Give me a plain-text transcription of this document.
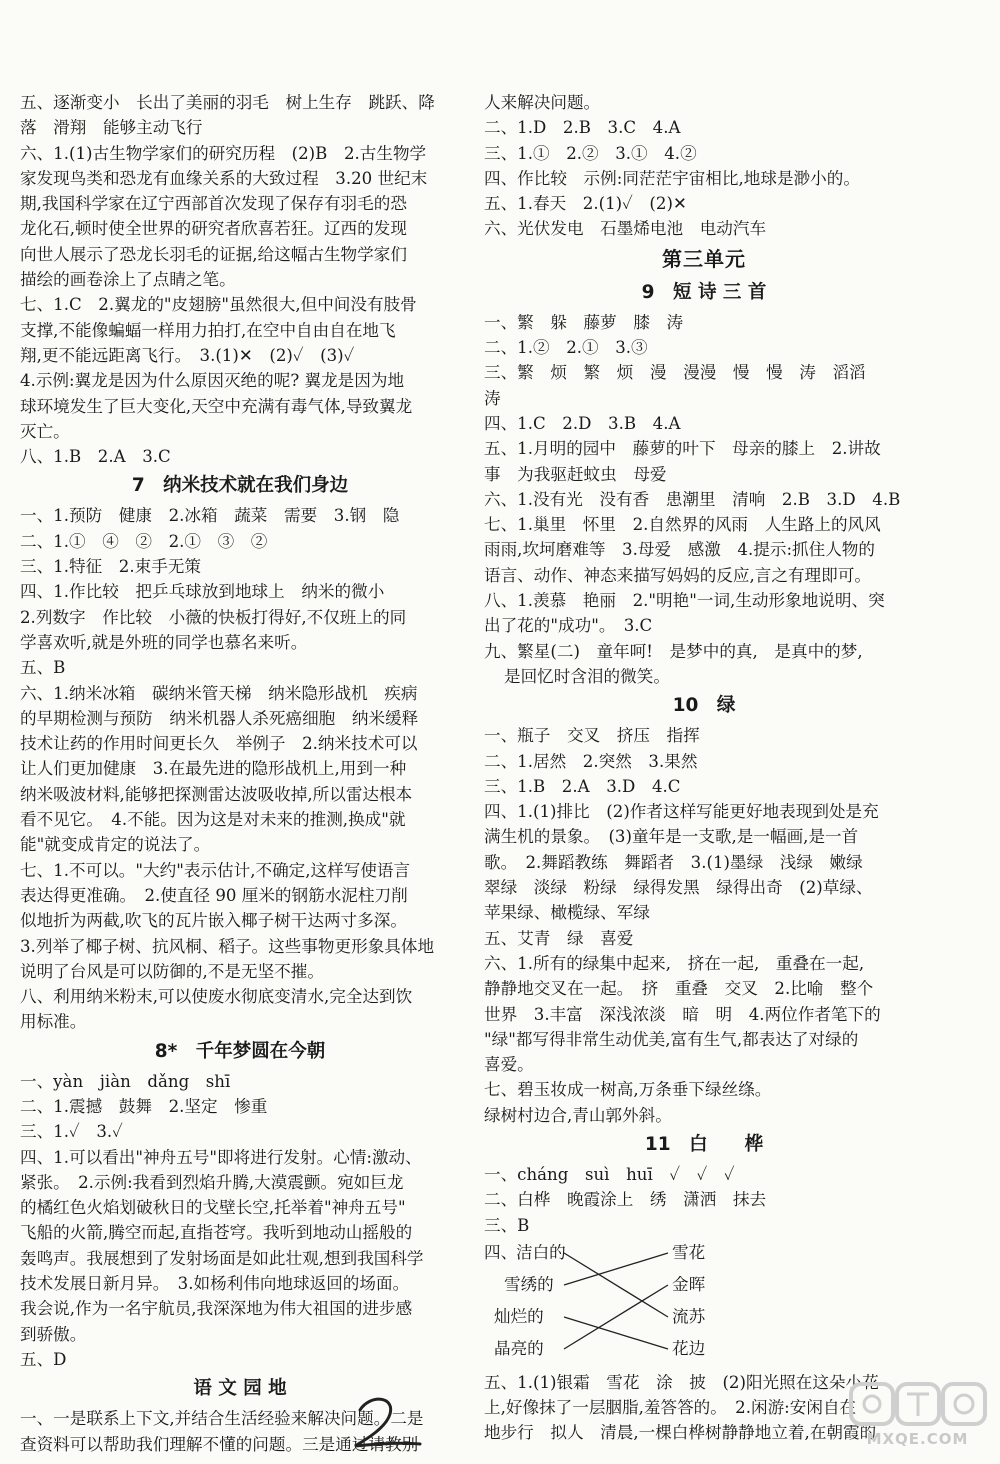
五、逐渐变小　长出了美丽的羽毛　树上生存　跳跃、降
落　滑翔　能够主动飞行
六、1.(1)古生物学家们的研究历程　(2)B　2.古生物学
家发现鸟类和恐龙有血缘关系的大致过程　3.20 世纪末
期,我国科学家在辽宁西部首次发现了保存有羽毛的恐
龙化石,顿时使全世界的研究者欣喜若狂。辽西的发现
向世人展示了恐龙长羽毛的证据,给这幅古生物学家们
描绘的画卷涂上了点睛之笔。
七、1.C　2.翼龙的"皮翅膀"虽然很大,但中间没有肢骨
支撑,不能像蝙蝠一样用力拍打,在空中自由自在地飞
翔,更不能远距离飞行。　3.(1)✕　(2)✓　(3)✓
4.示例:翼龙是因为什么原因灭绝的呢? 翼龙是因为地
球环境发生了巨大变化,天空中充满有毒气体,导致翼龙
灭亡。
八、1.B　2.A　3.C
7　纳米技术就在我们身边
一、1.预防　健康　2.冰箱　蔬菜　需要　3.钢　隐
二、1.①　④　②　2.①　③　②
三、1.特征　2.束手无策
四、1.作比较　把乒乓球放到地球上　纳米的微小
2.列数字　作比较　小薇的快板打得好,不仅班上的同
学喜欢听,就是外班的同学也慕名来听。
五、B
六、1.纳米冰箱　碳纳米管天梯　纳米隐形战机　疾病
的早期检测与预防　纳米机器人杀死癌细胞　纳米缓释
技术让药的作用时间更长久　举例子　2.纳米技术可以
让人们更加健康　3.在最先进的隐形战机上,用到一种
纳米吸波材料,能够把探测雷达波吸收掉,所以雷达根本
看不见它。　4.不能。因为这是对未来的推测,换成"就
能"就变成肯定的说法了。
七、1.不可以。"大约"表示估计,不确定,这样写使语言
表达得更准确。　2.使直径 90 厘米的钢筋水泥柱刀削
似地折为两截,吹飞的瓦片嵌入椰子树干达两寸多深。
3.列举了椰子树、抗风桐、稻子。这些事物更形象具体地
说明了台风是可以防御的,不是无坚不摧。
八、利用纳米粉末,可以使废水彻底变清水,完全达到饮
用标准。
8*　千年梦圆在今朝
一、yàn　jiàn　dǎng　shī
二、1.震撼　鼓舞　2.坚定　惨重
三、1.✓　3.✓
四、1.可以看出"神舟五号"即将进行发射。心情:激动、
紧张。　2.示例:我看到烈焰升腾,大漠震颤。宛如巨龙
的橘红色火焰划破秋日的戈壁长空,托举着"神舟五号"
飞船的火箭,腾空而起,直指苍穹。我听到地动山摇般的
轰鸣声。我展想到了发射场面是如此壮观,想到我国科学
技术发展日新月异。　3.如杨利伟向地球返回的场面。
我会说,作为一名宇航员,我深深地为伟大祖国的进步感
到骄傲。
五、D
语 文 园 地
一、一是联系上下文,并结合生活经验来解决问题。二是
查资料可以帮助我们理解不懂的问题。三是通过请教别
人来解决问题。
二、1.D　2.B　3.C　4.A
三、1.①　2.②　3.①　4.②
四、作比较　示例:同茫茫宇宙相比,地球是渺小的。
五、1.春天　2.(1)✓　(2)✕
六、光伏发电　石墨烯电池　电动汽车
第三单元
9　短 诗 三 首
一、繁　躲　藤萝　膝　涛
二、1.②　2.①　3.③
三、繁　烦　繁　烦　漫　漫漫　慢　慢　涛　滔滔
涛
四、1.C　2.D　3.B　4.A
五、1.月明的园中　藤萝的叶下　母亲的膝上　2.讲故
事　为我驱赶蚊虫　母爱
六、1.没有光　没有香　患潮里　清响　2.B　3.D　4.B
七、1.巢里　怀里　2.自然界的风雨　人生路上的风风
雨雨,坎坷磨难等　3.母爱　感激　4.提示:抓住人物的
语言、动作、神态来描写妈妈的反应,言之有理即可。
八、1.羡慕　艳丽　2."明艳"一词,生动形象地说明、突
出了花的"成功"。　3.C
九、繁星(二)　童年呵!　是梦中的真,　是真中的梦,
是回忆时含泪的微笑。
10　绿
一、瓶子　交叉　挤压　指挥
二、1.居然　2.突然　3.果然
三、1.B　2.A　3.D　4.C
四、1.(1)排比　(2)作者这样写能更好地表现到处是充
满生机的景象。　(3)童年是一支歌,是一幅画,是一首
歌。　2.舞蹈教练　舞蹈者　3.(1)墨绿　浅绿　嫩绿
翠绿　淡绿　粉绿　绿得发黑　绿得出奇　(2)草绿、
苹果绿、橄榄绿、军绿
五、艾青　绿　喜爱
六、1.所有的绿集中起来,　挤在一起,　重叠在一起,
静静地交叉在一起。　挤　重叠　交叉　2.比喻　整个
世界　3.丰富　深浅浓淡　暗　明　4.两位作者笔下的
"绿"都写得非常生动优美,富有生气,都表达了对绿的
喜爱。
七、碧玉妆成一树高,万条垂下绿丝绦。
绿树村边合,青山郭外斜。
11　白　　桦
一、cháng　suì　huī　✓　✓　✓
二、白桦　晚霞涂上　绣　潇洒　抹去
三、B
四、
洁白的
雪绣的
灿烂的
晶亮的
雪花
金晖
流苏
花边
五、1.(1)银霜　雪花　涂　披　(2)阳光照在这朵小花
上,好像抹了一层胭脂,羞答答的。　2.闲游:安闲自在
地步行　拟人　清晨,一棵白桦树静静地立着,在朝霞的
MXQE.COM
